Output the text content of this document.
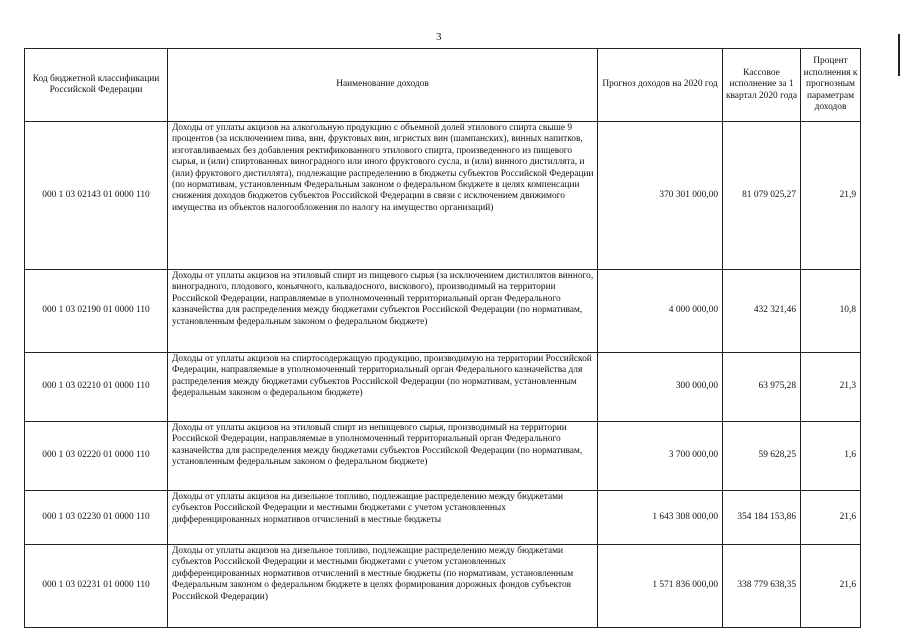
3
Код бюджетной классификации Российской Федерации	Наименование доходов	Прогноз доходов на 2020 год	Кассовое исполнение за 1 квартал 2020 года	Процент исполнения к прогнозным параметрам доходов
000 1 03 02143 01 0000 110	Доходы от уплаты акцизов на алкогольную продукцию с объемной долей этилового спирта свыше 9 процентов (за исключением пива, вин, фруктовых вин, игристых вин (шампанских), винных напитков, изготавливаемых без добавления ректификованного этилового спирта, произведенного из пищевого сырья, и (или) спиртованных виноградного или иного фруктового сусла, и (или) винного дистиллята, и (или) фруктового дистиллята), подлежащие распределению в бюджеты субъектов Российской Федерации (по нормативам, установленным Федеральным законом о федеральном бюджете в целях компенсации снижения доходов бюджетов субъектов Российской Федерации в связи с исключением движимого имущества из объектов налогообложения по налогу на имущество организаций)	370 301 000,00	81 079 025,27	21,9
000 1 03 02190 01 0000 110	Доходы от уплаты акцизов на этиловый спирт из пищевого сырья (за исключением дистиллятов винного, виноградного, плодового, коньячного, кальвадосного, вискового), производимый на территории Российской Федерации, направляемые в уполномоченный территориальный орган Федерального казначейства для распределения между бюджетами субъектов Российской Федерации (по нормативам, установленным федеральным законом о федеральном бюджете)	4 000 000,00	432 321,46	10,8
000 1 03 02210 01 0000 110	Доходы от уплаты акцизов на спиртосодержащую продукцию, производимую на территории Российской Федерации, направляемые в уполномоченный территориальный орган Федерального казначейства для распределения между бюджетами субъектов Российской Федерации (по нормативам, установленным федеральным законом о федеральном бюджете)	300 000,00	63 975,28	21,3
000 1 03 02220 01 0000 110	Доходы от уплаты акцизов на этиловый спирт из непищевого сырья, производимый на территории Российской Федерации, направляемые в уполномоченный территориальный орган Федерального казначейства для распределения между бюджетами субъектов Российской Федерации (по нормативам, установленным федеральным законом о федеральном бюджете)	3 700 000,00	59 628,25	1,6
000 1 03 02230 01 0000 110	Доходы от уплаты акцизов на дизельное топливо, подлежащие распределению между бюджетами субъектов Российской Федерации и местными бюджетами с учетом установленных дифференцированных нормативов отчислений в местные бюджеты	1 643 308 000,00	354 184 153,86	21,6
000 1 03 02231 01 0000 110	Доходы от уплаты акцизов на дизельное топливо, подлежащие распределению между бюджетами субъектов Российской Федерации и местными бюджетами с учетом установленных дифференцированных нормативов отчислений в местные бюджеты (по нормативам, установленным Федеральным законом о федеральном бюджете в целях формирования дорожных фондов субъектов Российской Федерации)	1 571 836 000,00	338 779 638,35	21,6
